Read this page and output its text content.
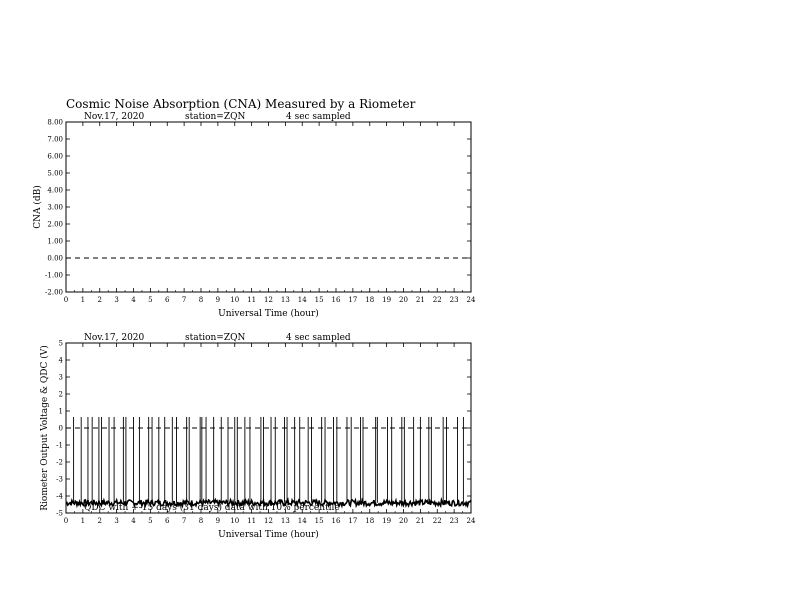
Cosmic Noise Absorption (CNA) Measured by a Riometer
Nov.17, 2020	station=ZQN	4 sec sampled
0 1 2 3 4 5 6 7 8 9 10 11 12 13 14 15 16 17 18 19 20 21 22 23 24
-2.00
-1.00
0.00
1.00
2.00
3.00
4.00
5.00
6.00
7.00
8.00
Universal Time (hour)
CNA (dB)
Nov.17, 2020	station=ZQN	4 sec sampled
QDC with +-15 days (31 days) data with 10% percentile
0 1 2 3 4 5 6 7 8 9 10 11 12 13 14 15 16 17 18 19 20 21 22 23 24
-5
-4
-3
-2
-1
0
1
2
3
4
5
Universal Time (hour)
Riometer Output Voltage & QDC (V)
